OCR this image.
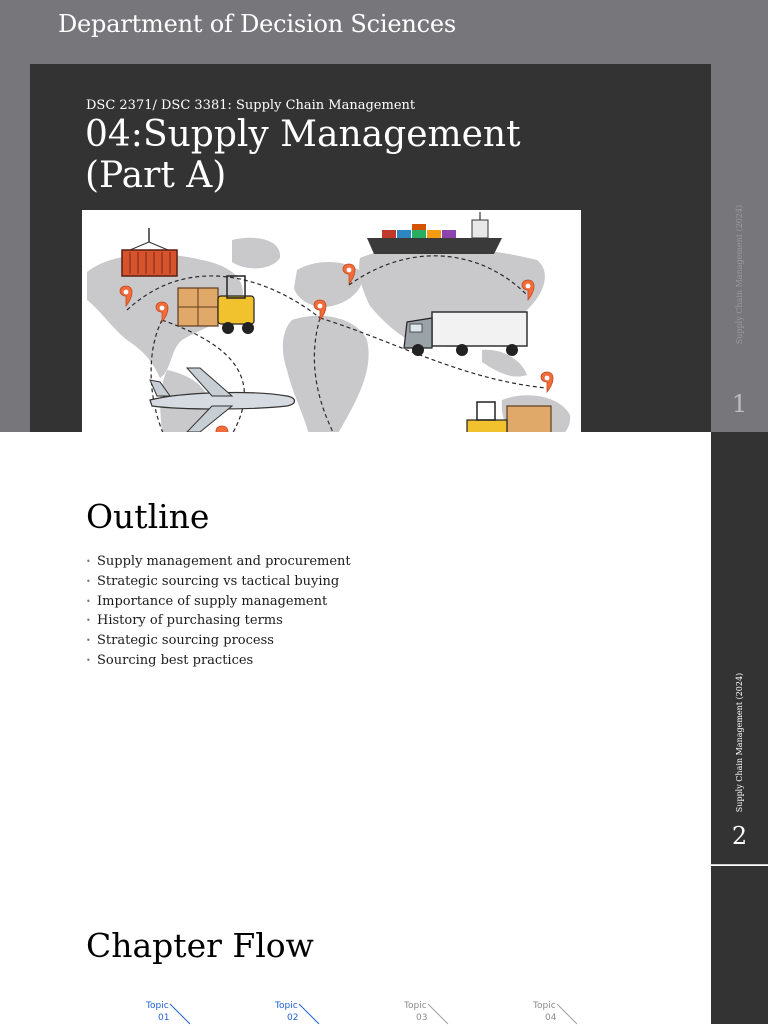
Department of Decision Sciences
DSC 2371/ DSC 3381: Supply Chain Management
04:Supply Management
(Part A)
Supply Chain Management (2024)
1
Supply Chain Management (2024)
2
Outline
• Supply management and procurement
• Strategic sourcing vs tactical buying
• Importance of supply management
• History of purchasing terms
• Strategic sourcing process
• Sourcing best practices
Chapter Flow
Topic
01
Topic
02
Topic
03
Topic
04
